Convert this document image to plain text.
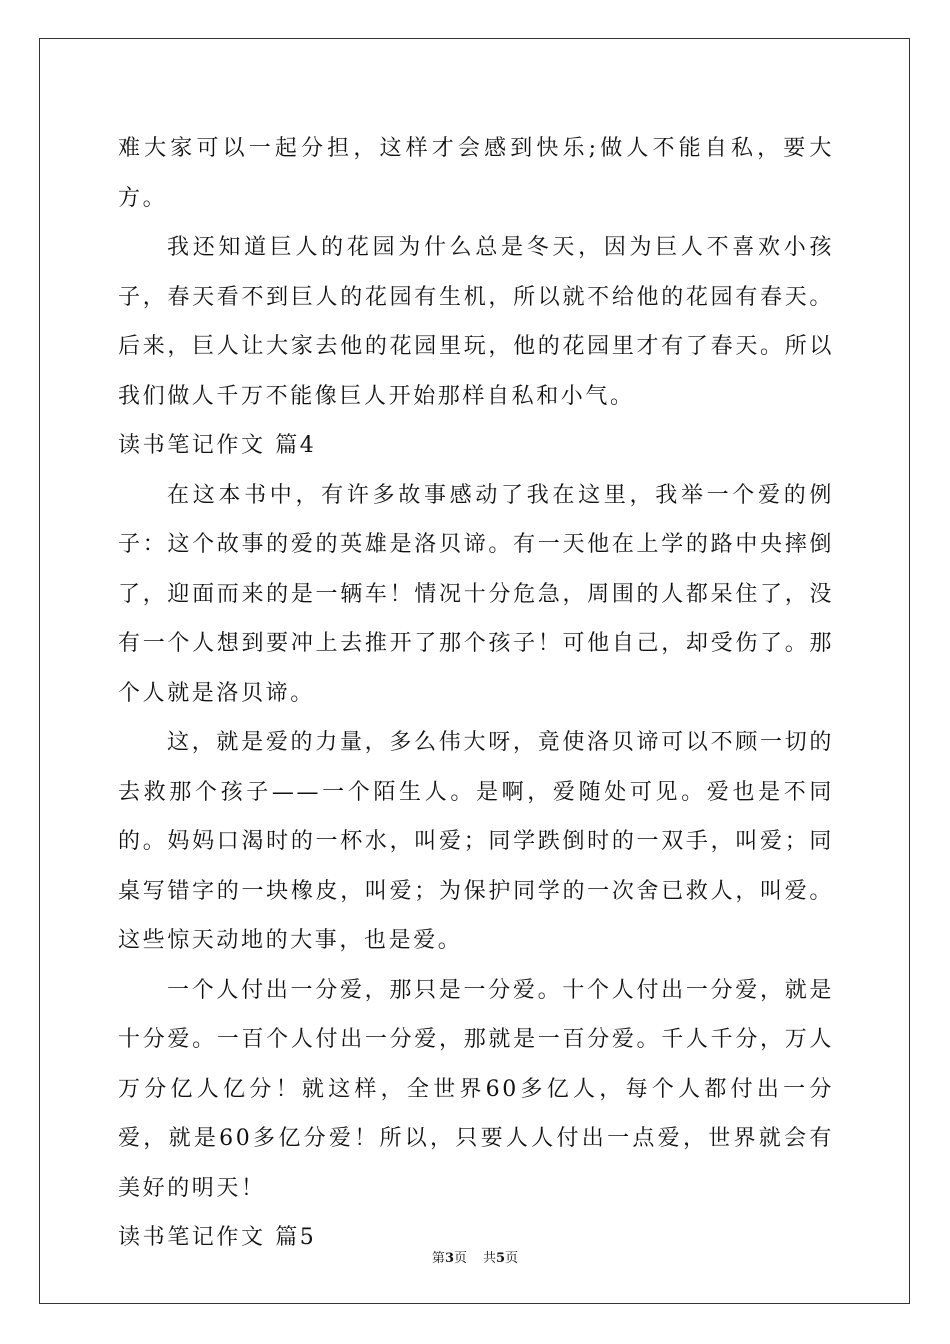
难大家可以一起分担，这样才会感到快乐;做人不能自私，要大方。

我还知道巨人的花园为什么总是冬天，因为巨人不喜欢小孩子，春天看不到巨人的花园有生机，所以就不给他的花园有春天。后来，巨人让大家去他的花园里玩，他的花园里才有了春天。所以我们做人千万不能像巨人开始那样自私和小气。

读书笔记作文 篇4

在这本书中，有许多故事感动了我在这里，我举一个爱的例子：这个故事的爱的英雄是洛贝谛。有一天他在上学的路中央摔倒了，迎面而来的是一辆车！情况十分危急，周围的人都呆住了，没有一个人想到要冲上去推开了那个孩子！可他自己，却受伤了。那个人就是洛贝谛。

这，就是爱的力量，多么伟大呀，竟使洛贝谛可以不顾一切的去救那个孩子——一个陌生人。是啊，爱随处可见。爱也是不同的。妈妈口渴时的一杯水，叫爱；同学跌倒时的一双手，叫爱；同桌写错字的一块橡皮，叫爱；为保护同学的一次舍已救人，叫爱。这些惊天动地的大事，也是爱。

一个人付出一分爱，那只是一分爱。十个人付出一分爱，就是十分爱。一百个人付出一分爱，那就是一百分爱。千人千分，万人万分亿人亿分！就这样，全世界60多亿人，每个人都付出一分爱，就是60多亿分爱！所以，只要人人付出一点爱，世界就会有美好的明天！

读书笔记作文 篇5

第3页 共5页
